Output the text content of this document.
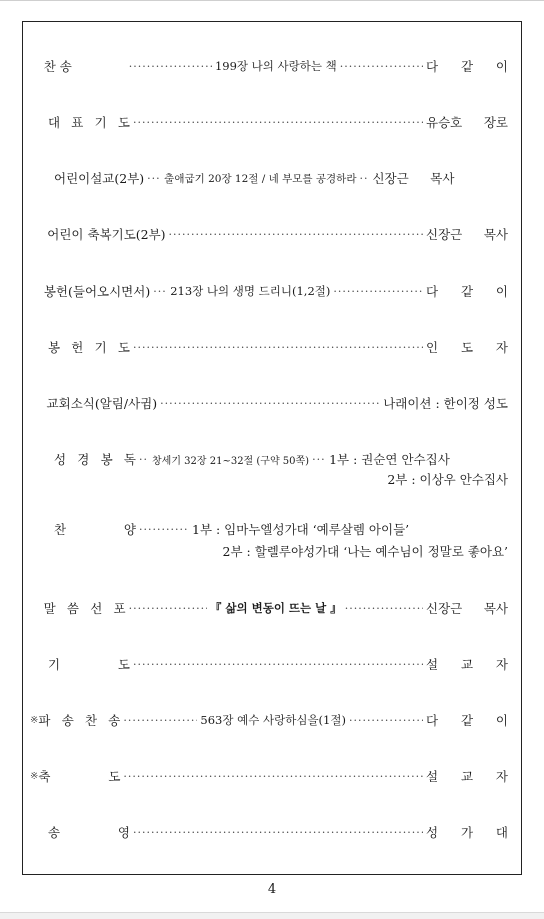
찬 송 ·····	199장 나의 사랑하는 책 ·····	다 같 이
대 표 기 도 ·····	유승호 장로
어린이설교(2부) ····· 출애굽기 20장 12절 / 네 부모를 공경하라 ····· 신장근 목사
어린이 축복기도(2부) ·····	신장근 목사
봉헌(들어오시면서) ····· 213장 나의 생명 드리니(1,2절) ·····	다 같 이
봉 헌 기 도 ·····	인 도 자
교회소식(알림/사귐) ·····	나래이션 : 한이정 성도
성 경 봉 독 ····· 창세기 32장 21~32절 (구약 50쪽) ····· 1부 : 권순연 안수집사
2부 : 이상우 안수집사
찬 양 ·····	1부 : 임마누엘성가대 ‘예루살렘 아이들’
2부 : 할렐루야성가대 ‘나는 예수님이 정말로 좋아요’
말 씀 선 포 ·····	『 삶의 변동이 뜨는 날 』 ·····	신장근 목사
기 도 ·····	설 교 자
※ 파 송 찬 송 ·····	563장 예수 사랑하심을(1절) ·····	다 같 이
※ 축 도 ·····	설 교 자
송 영 ·····	성 가 대
4
